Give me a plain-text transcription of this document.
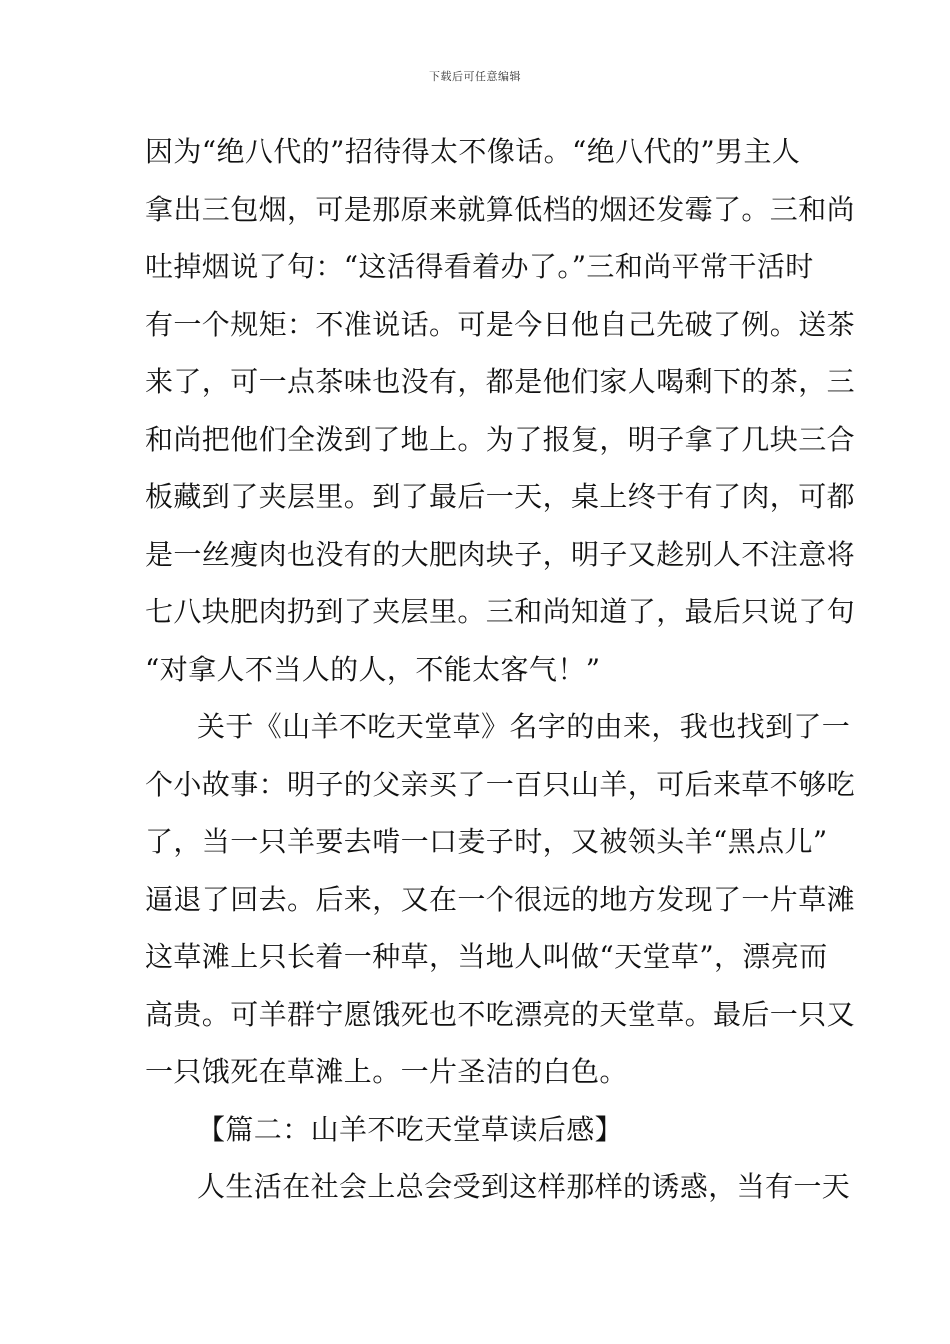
下载后可任意编辑
因为“绝八代的”招待得太不像话。“绝八代的”男主人
拿出三包烟，可是那原来就算低档的烟还发霉了。三和尚
吐掉烟说了句：“这活得看着办了。”三和尚平常干活时
有一个规矩：不准说话。可是今日他自己先破了例。送茶
来了，可一点茶味也没有，都是他们家人喝剩下的茶，三
和尚把他们全泼到了地上。为了报复，明子拿了几块三合
板藏到了夹层里。到了最后一天，桌上终于有了肉，可都
是一丝瘦肉也没有的大肥肉块子，明子又趁别人不注意将
七八块肥肉扔到了夹层里。三和尚知道了，最后只说了句
“对拿人不当人的人，不能太客气！”
关于《山羊不吃天堂草》名字的由来，我也找到了一
个小故事：明子的父亲买了一百只山羊，可后来草不够吃
了，当一只羊要去啃一口麦子时，又被领头羊“黑点儿”
逼退了回去。后来，又在一个很远的地方发现了一片草滩
这草滩上只长着一种草，当地人叫做“天堂草”，漂亮而
高贵。可羊群宁愿饿死也不吃漂亮的天堂草。最后一只又
一只饿死在草滩上。一片圣洁的白色。
【篇二：山羊不吃天堂草读后感】
人生活在社会上总会受到这样那样的诱惑，当有一天
